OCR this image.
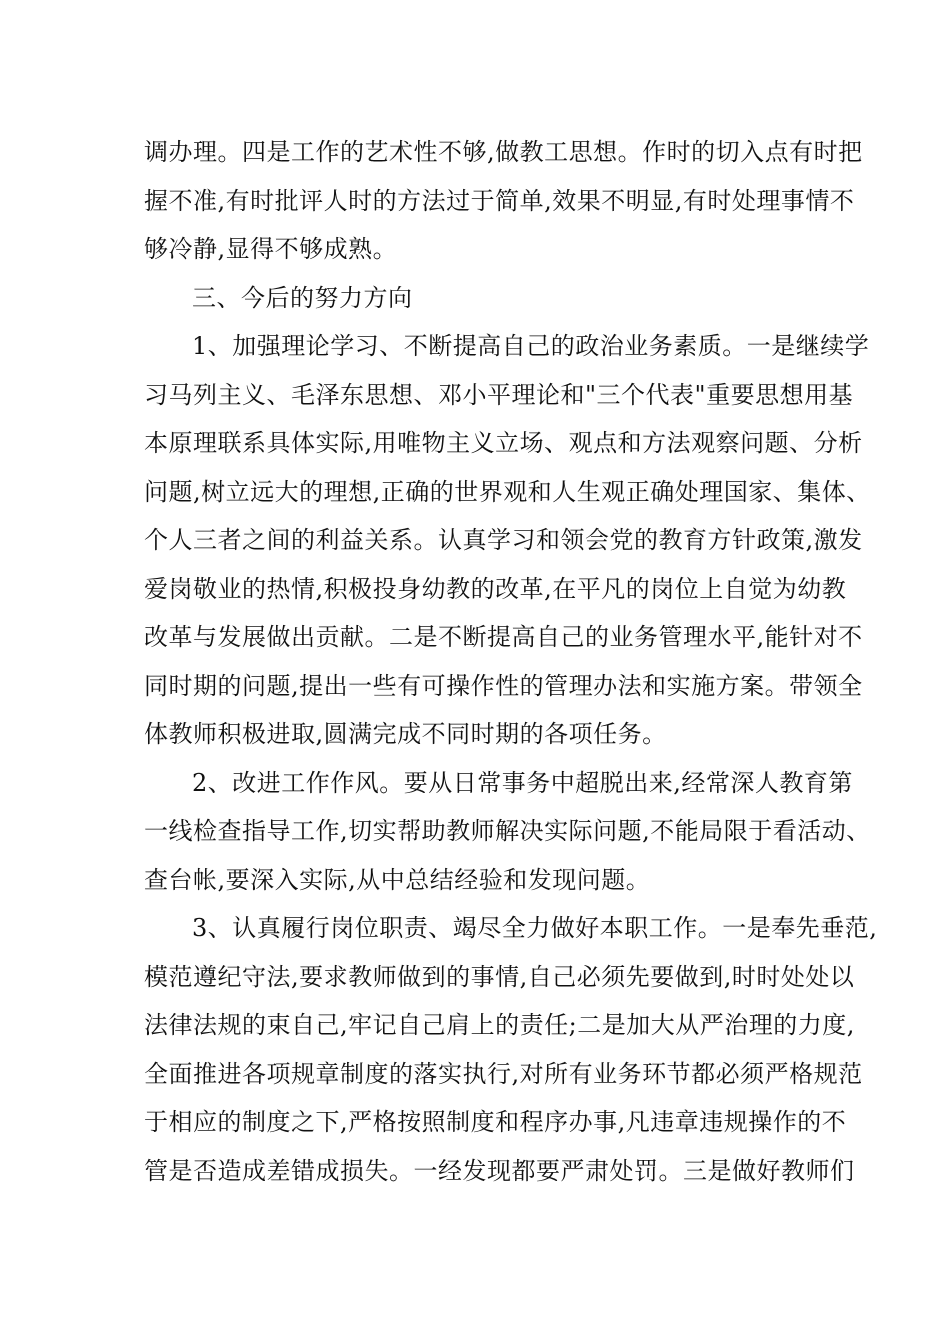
调办理。四是工作的艺术性不够,做教工思想。作时的切入点有时把
握不准,有时批评人时的方法过于简单,效果不明显,有时处理事情不
够冷静,显得不够成熟。
三、今后的努力方向
1、加强理论学习、不断提高自己的政治业务素质。一是继续学
习马列主义、毛泽东思想、邓小平理论和"三个代表"重要思想用基
本原理联系具体实际,用唯物主义立场、观点和方法观察问题、分析
问题,树立远大的理想,正确的世界观和人生观正确处理国家、集体、
个人三者之间的利益关系。认真学习和领会党的教育方针政策,激发
爱岗敬业的热情,积极投身幼教的改革,在平凡的岗位上自觉为幼教
改革与发展做出贡献。二是不断提高自己的业务管理水平,能针对不
同时期的问题,提出一些有可操作性的管理办法和实施方案。带领全
体教师积极进取,圆满完成不同时期的各项任务。
2、改进工作作风。要从日常事务中超脱出来,经常深人教育第
一线检查指导工作,切实帮助教师解决实际问题,不能局限于看活动、
查台帐,要深入实际,从中总结经验和发现问题。
3、认真履行岗位职责、竭尽全力做好本职工作。一是奉先垂范,
模范遵纪守法,要求教师做到的事情,自己必须先要做到,时时处处以
法律法规的束自己,牢记自己肩上的责任;二是加大从严治理的力度,
全面推进各项规章制度的落实执行,对所有业务环节都必须严格规范
于相应的制度之下,严格按照制度和程序办事,凡违章违规操作的不
管是否造成差错成损失。一经发现都要严肃处罚。三是做好教师们
